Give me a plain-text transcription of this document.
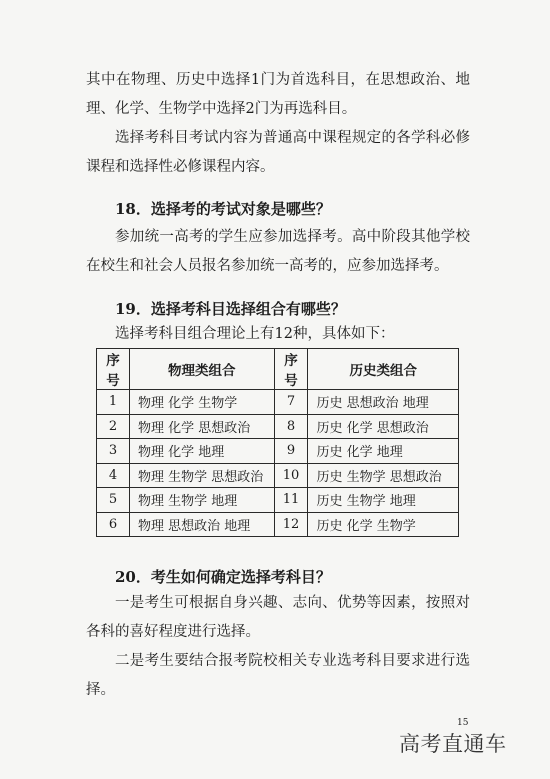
其中在物理、历史中选择1门为首选科目，在思想政治、地理、化学、生物学中选择2门为再选科目。

选择考科目考试内容为普通高中课程规定的各学科必修课程和选择性必修课程内容。

18．选择考的考试对象是哪些？

参加统一高考的学生应参加选择考。高中阶段其他学校在校生和社会人员报名参加统一高考的，应参加选择考。

19．选择考科目选择组合有哪些？

选择考科目组合理论上有12种，具体如下：

序号	物理类组合	序号	历史类组合
1	物理 化学 生物学	7	历史 思想政治 地理
2	物理 化学 思想政治	8	历史 化学 思想政治
3	物理 化学 地理	9	历史 化学 地理
4	物理 生物学 思想政治	10	历史 生物学 思想政治
5	物理 生物学 地理	11	历史 生物学 地理
6	物理 思想政治 地理	12	历史 化学 生物学

20．考生如何确定选择考科目？

一是考生可根据自身兴趣、志向、优势等因素，按照对各科的喜好程度进行选择。

二是考生要结合报考院校相关专业选考科目要求进行选择。

15
高考直通车
